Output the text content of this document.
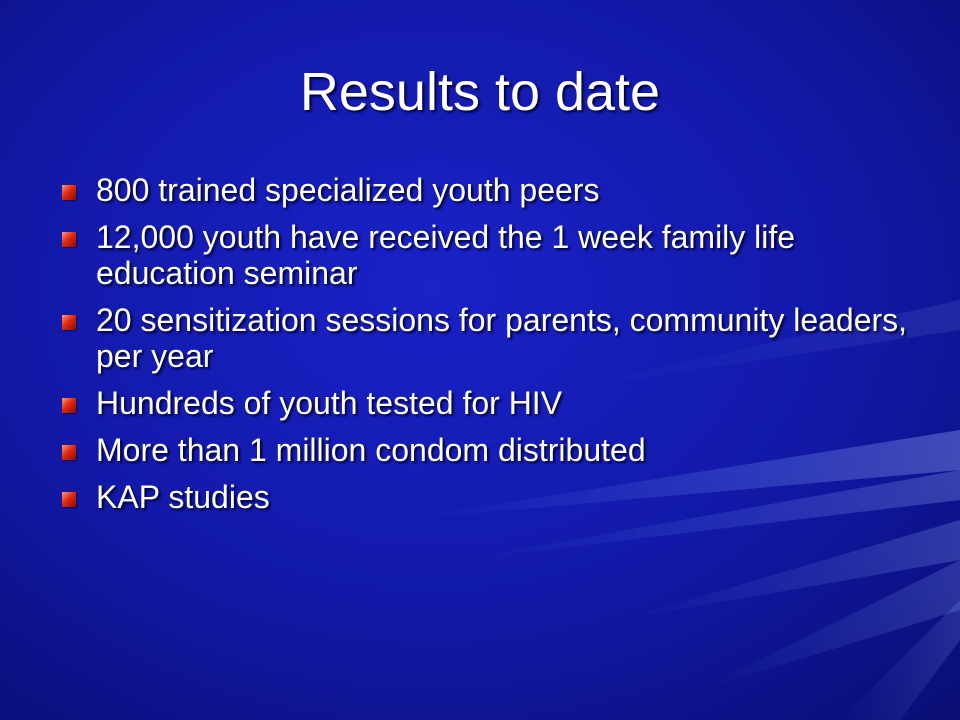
Results to date
800 trained specialized youth peers
12,000 youth have received the 1 week family life education seminar
20 sensitization sessions for parents, community leaders, per year
Hundreds of youth tested for HIV
More than 1 million condom distributed
KAP studies
